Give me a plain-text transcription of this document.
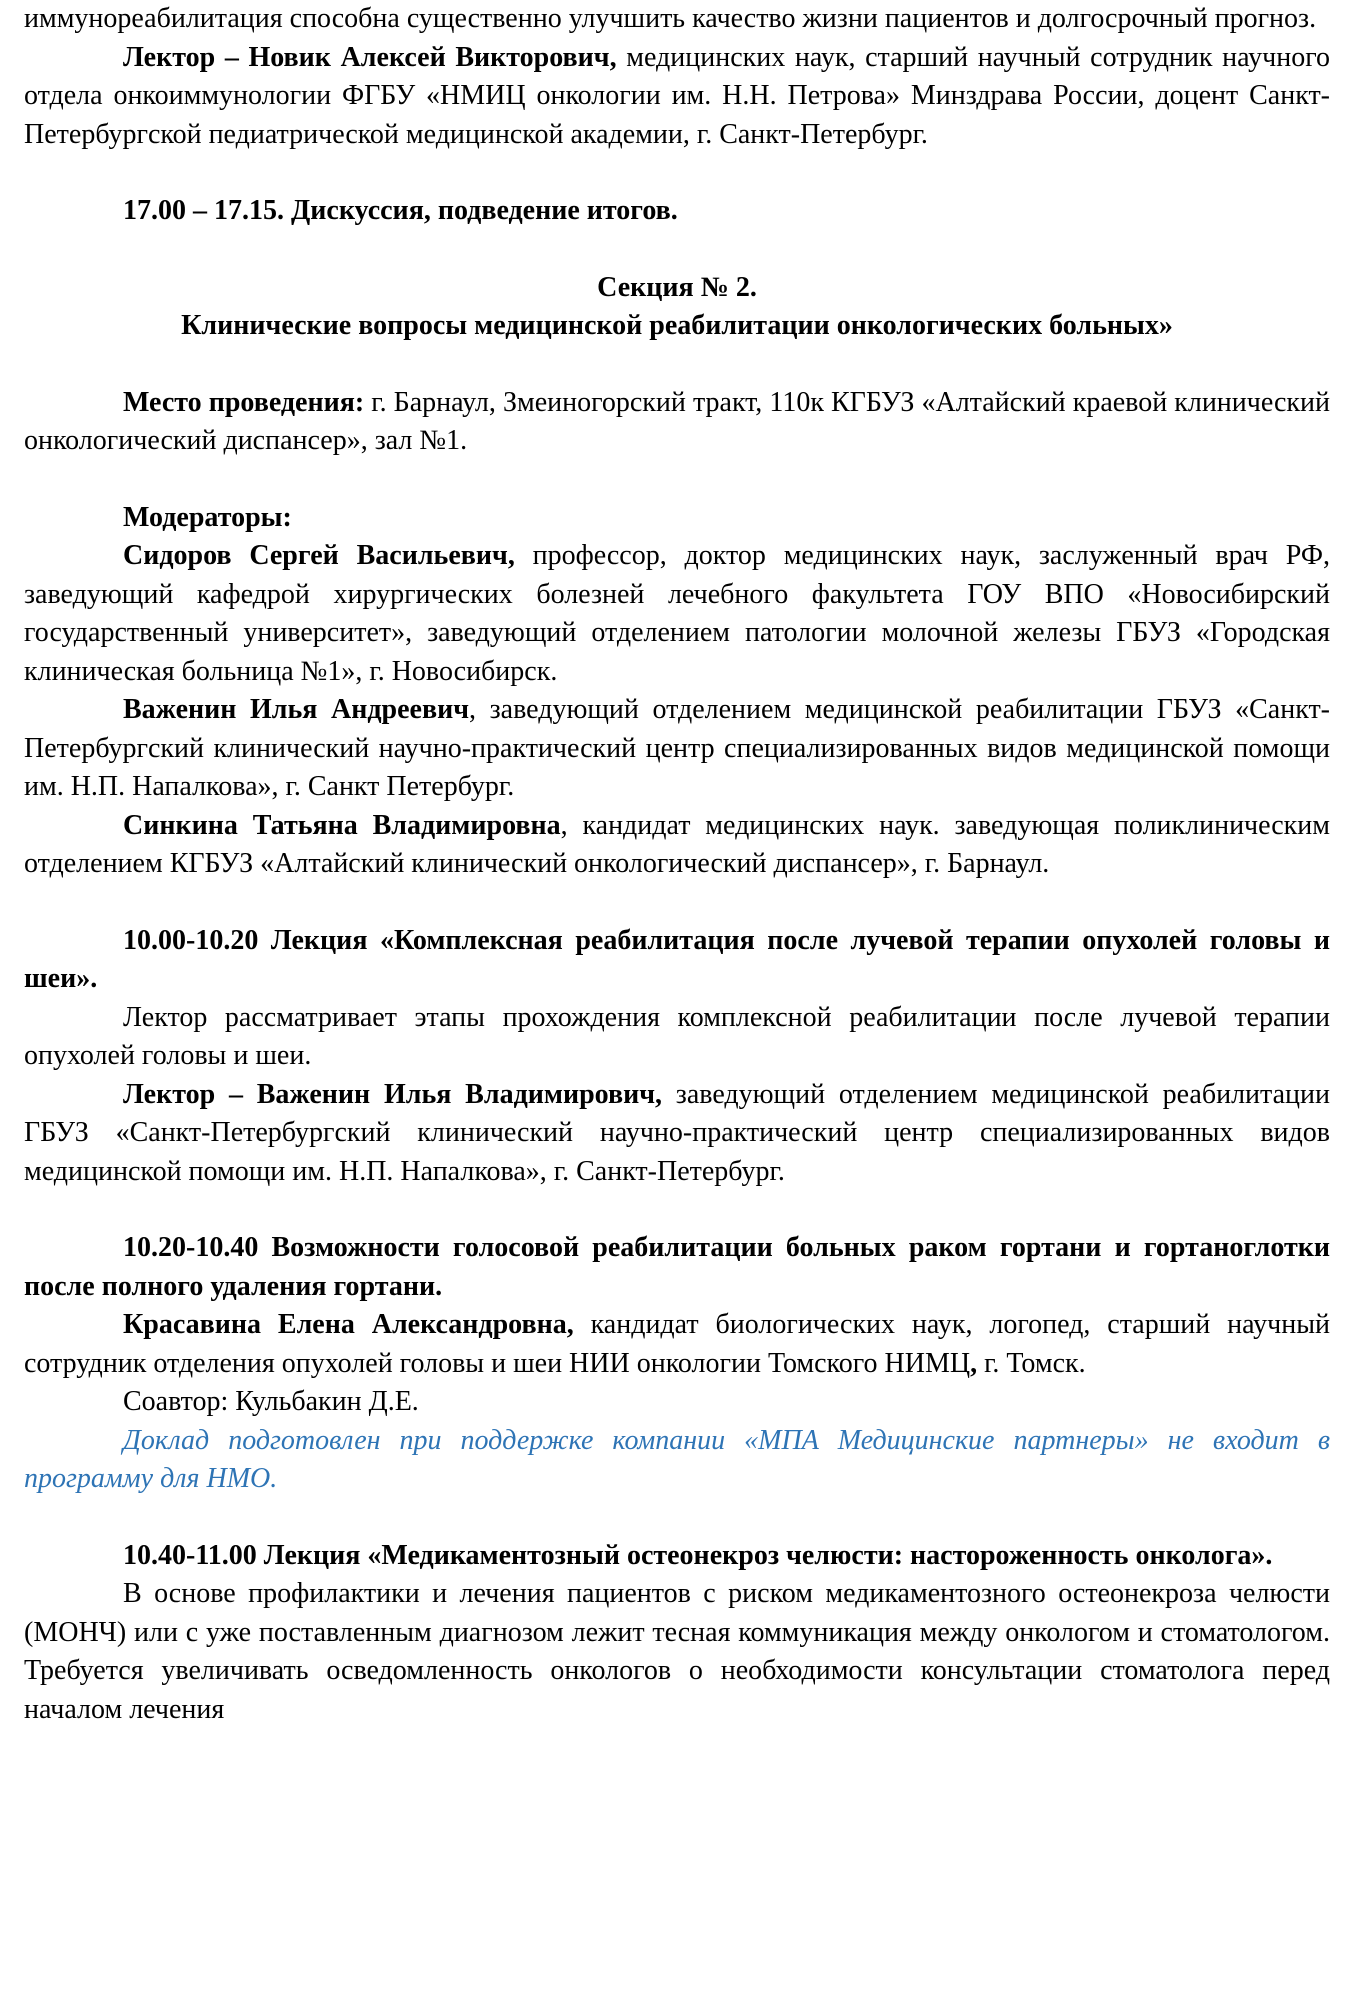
иммунореабилитация способна существенно улучшить качество жизни пациентов и долгосрочный прогноз.

Лектор – Новик Алексей Викторович, медицинских наук, старший научный сотрудник научного отдела онкоиммунологии ФГБУ «НМИЦ онкологии им. Н.Н. Петрова» Минздрава России, доцент Санкт-Петербургской педиатрической медицинской академии, г. Санкт-Петербург.

17.00 – 17.15. Дискуссия, подведение итогов.

Секция № 2.

Клинические вопросы медицинской реабилитации онкологических больных»

Место проведения: г. Барнаул, Змеиногорский тракт, 110к КГБУЗ «Алтайский краевой клинический онкологический диспансер», зал №1.

Модераторы:

Сидоров Сергей Васильевич, профессор, доктор медицинских наук, заслуженный врач РФ, заведующий кафедрой хирургических болезней лечебного факультета ГОУ ВПО «Новосибирский государственный университет», заведующий отделением патологии молочной железы ГБУЗ «Городская клиническая больница №1», г. Новосибирск.

Важенин Илья Андреевич, заведующий отделением медицинской реабилитации ГБУЗ «Санкт-Петербургский клинический научно-практический центр специализированных видов медицинской помощи им. Н.П. Напалкова», г. Санкт Петербург.

Синкина Татьяна Владимировна, кандидат медицинских наук. заведующая поликлиническим отделением КГБУЗ «Алтайский клинический онкологический диспансер», г. Барнаул.

10.00-10.20 Лекция «Комплексная реабилитация после лучевой терапии опухолей головы и шеи».

Лектор рассматривает этапы прохождения комплексной реабилитации после лучевой терапии опухолей головы и шеи.

Лектор – Важенин Илья Владимирович, заведующий отделением медицинской реабилитации ГБУЗ «Санкт-Петербургский клинический научно-практический центр специализированных видов медицинской помощи им. Н.П. Напалкова», г. Санкт-Петербург.

10.20-10.40 Возможности голосовой реабилитации больных раком гортани и гортаноглотки после полного удаления гортани.

Красавина Елена Александровна, кандидат биологических наук, логопед, старший научный сотрудник отделения опухолей головы и шеи НИИ онкологии Томского НИМЦ, г. Томск.

Соавтор: Кульбакин Д.Е.

Доклад подготовлен при поддержке компании «МПА Медицинские партнеры» не входит в программу для НМО.

10.40-11.00 Лекция «Медикаментозный остеонекроз челюсти: настороженность онколога».

В основе профилактики и лечения пациентов с риском медикаментозного остеонекроза челюсти (МОНЧ) или с уже поставленным диагнозом лежит тесная коммуникация между онкологом и стоматологом. Требуется увеличивать осведомленность онкологов о необходимости консультации стоматолога перед началом лечения
